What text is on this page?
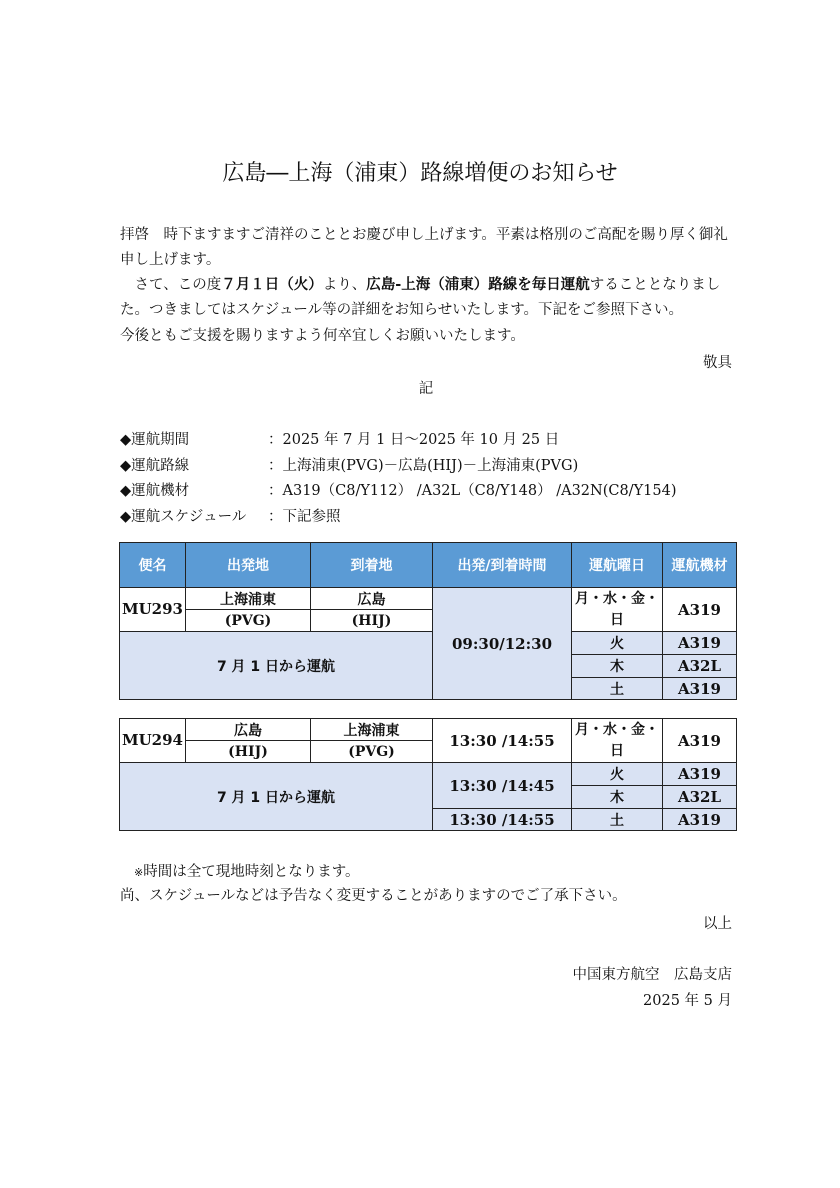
広島―上海（浦東）路線増便のお知らせ
拝啓　時下ますますご清祥のこととお慶び申し上げます。平素は格別のご高配を賜り厚く御礼申し上げます。
　さて、この度７月１日（火）より、広島-上海（浦東）路線を毎日運航することとなりました。つきましてはスケジュール等の詳細をお知らせいたします。下記をご参照下さい。
今後ともご支援を賜りますよう何卒宜しくお願いいたします。
敬具
記
◆運航期間	：2025 年 7 月 1 日～2025 年 10 月 25 日
◆運航路線	：上海浦東(PVG)－広島(HIJ)－上海浦東(PVG)
◆運航機材	：A319（C8/Y112） /A32L（C8/Y148） /A32N(C8/Y154)
◆運航スケジュール ：下記参照
便名	出発地	到着地	出発/到着時間	運航曜日	運航機材
MU293	上海浦東	広島	09:30/12:30	月・水・金・日	A319
	(PVG)	(HIJ)			
7 月 1 日から運航				火	A319
				木	A32L
				土	A319
MU294	広島	上海浦東	13:30 /14:55	月・水・金・日	A319
	(HIJ)	(PVG)			
7 月 1 日から運航			13:30 /14:45	火	A319
				木	A32L
			13:30 /14:55	土	A319
※時間は全て現地時刻となります。
尚、スケジュールなどは予告なく変更することがありますのでご了承下さい。
以上
中国東方航空　広島支店
2025 年 5 月
